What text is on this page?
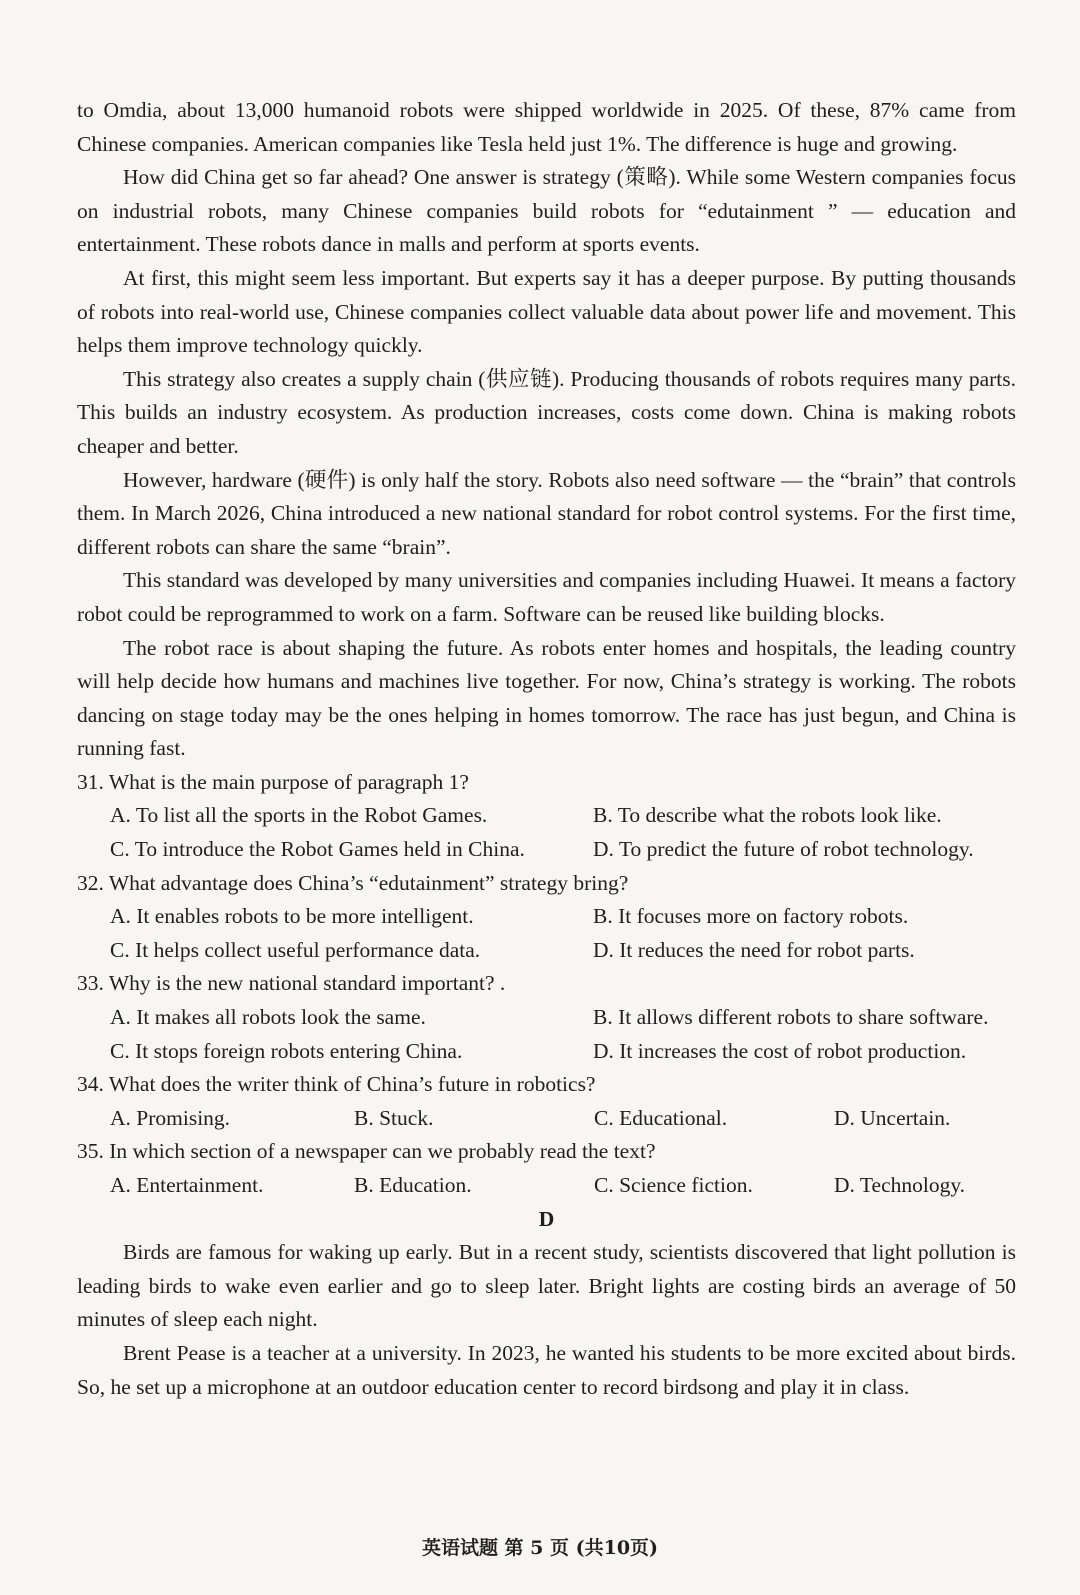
to Omdia, about 13,000 humanoid robots were shipped worldwide in 2025. Of these, 87% came from Chinese companies. American companies like Tesla held just 1%. The difference is huge and growing.

How did China get so far ahead? One answer is strategy (策略). While some Western companies focus on industrial robots, many Chinese companies build robots for “edutainment ” — education and entertainment. These robots dance in malls and perform at sports events.

At first, this might seem less important. But experts say it has a deeper purpose. By putting thousands of robots into real-world use, Chinese companies collect valuable data about power life and movement. This helps them improve technology quickly.

This strategy also creates a supply chain (供应链). Producing thousands of robots requires many parts. This builds an industry ecosystem. As production increases, costs come down. China is making robots cheaper and better.

However, hardware (硬件) is only half the story. Robots also need software — the “brain” that controls them. In March 2026, China introduced a new national standard for robot control systems. For the first time, different robots can share the same “brain”.

This standard was developed by many universities and companies including Huawei. It means a factory robot could be reprogrammed to work on a farm. Software can be reused like building blocks.

The robot race is about shaping the future. As robots enter homes and hospitals, the leading country will help decide how humans and machines live together. For now, China’s strategy is working. The robots dancing on stage today may be the ones helping in homes tomorrow. The race has just begun, and China is running fast.

31. What is the main purpose of paragraph 1?

A. To list all the sports in the Robot Games.	B. To describe what the robots look like.

C. To introduce the Robot Games held in China.	D. To predict the future of robot technology.

32. What advantage does China’s “edutainment” strategy bring?

A. It enables robots to be more intelligent.	B. It focuses more on factory robots.

C. It helps collect useful performance data.	D. It reduces the need for robot parts.

33. Why is the new national standard important? .

A. It makes all robots look the same.	B. It allows different robots to share software.

C. It stops foreign robots entering China.	D. It increases the cost of robot production.

34. What does the writer think of China’s future in robotics?

A. Promising.	B. Stuck.	C. Educational.	D. Uncertain.

35. In which section of a newspaper can we probably read the text?

A. Entertainment.	B. Education.	C. Science fiction.	D. Technology.

D

Birds are famous for waking up early. But in a recent study, scientists discovered that light pollution is leading birds to wake even earlier and go to sleep later. Bright lights are costing birds an average of 50 minutes of sleep each night.

Brent Pease is a teacher at a university. In 2023, he wanted his students to be more excited about birds. So, he set up a microphone at an outdoor education center to record birdsong and play it in class.

英语试题 第 5 页 (共10页)
